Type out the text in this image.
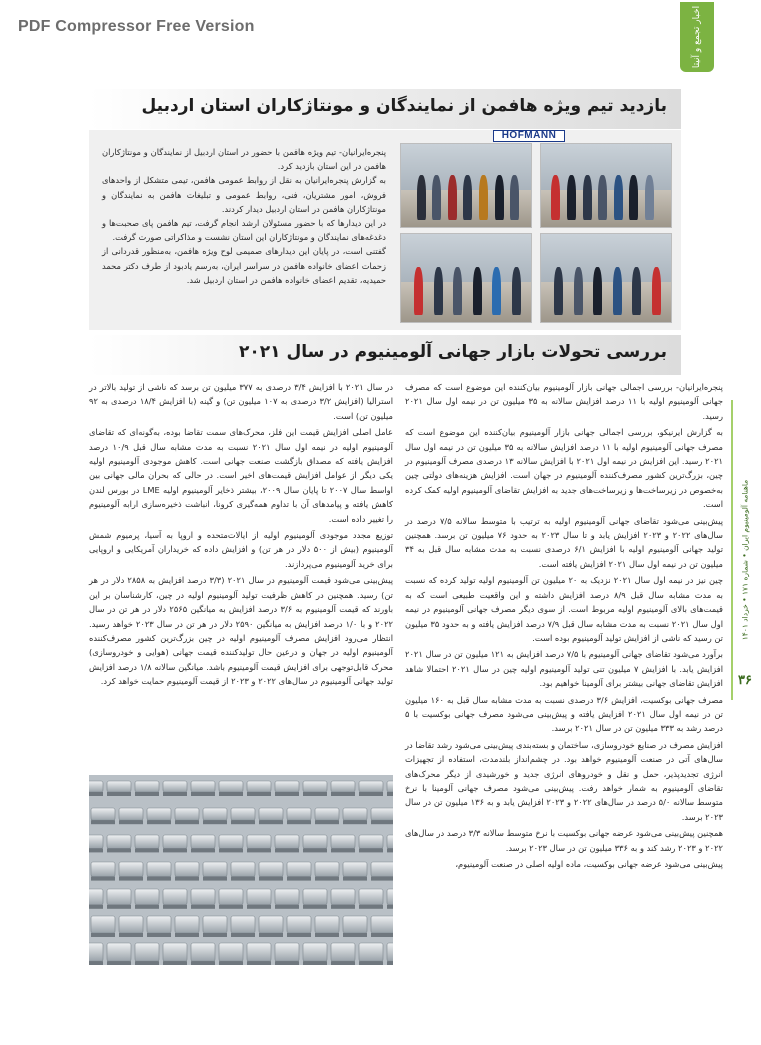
PDF Compressor Free Version	اخبار تجمع و آنیتا
ماهنامه آلومینیوم ایران • شماره ۱۷۱ • خرداد ۱۴۰۱
۳۶
بازدید تیم ویژه هافمن از نمایندگان و مونتاژکاران استان اردبیل

پنجره‌ایرانیان- تیم ویژه هافمن با حضور در استان اردبیل از نمایندگان و مونتاژکاران هافمن در این استان بازدید کرد.

به گزارش پنجره‌ایرانیان به نقل از روابط عمومی هافمن، تیمی متشکل از واحدهای فروش، امور مشتریان، فنی، روابط عمومی و تبلیغات هافمن به نمایندگان و مونتاژکاران هافمن در استان اردبیل دیدار کردند.

در این دیدارها که با حضور مسئولان ارشد انجام گرفت، تیم هافمن پای صحبت‌ها و دغدغه‌های نمایندگان و مونتاژکاران این استان نشست و مذاکراتی صورت گرفت.

گفتنی است، در پایان این دیدارهای صمیمی لوح ویژه هافمن، به‌منظور قدردانی از زحمات اعضای خانواده هافمن در سراسر ایران، به‌رسم یادبود از طرف دکتر محمد حمیدیه، تقدیم اعضای خانواده هافمن در استان اردبیل شد.

HOFMANN
بررسی تحولات بازار جهانی آلومینیوم در سال ۲۰۲۱

پنجره‌ایرانیان- بررسی اجمالی جهانی بازار آلومینیوم بیان‌کننده این موضوع است که مصرف جهانی آلومینیوم اولیه با ۱۱ درصد افزایش سالانه به ۳۵ میلیون تن در نیمه اول سال ۲۰۲۱ رسید.

به گزارش ایرنیکو، بررسی اجمالی جهانی بازار آلومینیوم بیان‌کننده این موضوع است که مصرف جهانی آلومینیوم اولیه با ۱۱ درصد افزایش سالانه به ۳۵ میلیون تن در نیمه اول سال ۲۰۲۱ رسید. این افزایش در نیمه اول ۲۰۲۱ با افزایش سالانه ۱۳ درصدی مصرف آلومینیوم در چین، بزرگ‌ترین کشور مصرف‌کننده آلومینیوم در جهان است. افزایش هزینه‌های دولتی چین به‌خصوص در زیرساخت‌ها و زیرساخت‌های جدید به افزایش تقاضای آلومینیوم اولیه کمک کرده است.

پیش‌بینی می‌شود تقاضای جهانی آلومینیوم اولیه به ترتیب با متوسط سالانه ۷/۵ درصد در سال‌های ۲۰۲۲ و ۲۰۲۳ افزایش یابد و تا سال ۲۰۲۳ به حدود ۷۶ میلیون تن برسد. همچنین تولید جهانی آلومینیوم اولیه با افزایش ۶/۱ درصدی نسبت به مدت مشابه سال قبل به ۳۴ میلیون تن در نیمه اول سال ۲۰۲۱ افزایش یافته است.

چین نیز در نیمه اول سال ۲۰۲۱ نزدیک به ۲۰ میلیون تن آلومینیوم اولیه تولید کرده که نسبت به مدت مشابه سال قبل ۸/۹ درصد افزایش داشته و این واقعیت طبیعی است که به قیمت‌های بالای آلومینیوم اولیه مربوط است. از سوی دیگر مصرف جهانی آلومینیوم در نیمه اول سال ۲۰۲۱ نسبت به مدت مشابه سال قبل ۷/۹ درصد افزایش یافته و به حدود ۳۵ میلیون تن رسید که ناشی از افزایش تولید آلومینیوم بوده است.

برآورد می‌شود تقاضای جهانی آلومینیوم با ۷/۵ درصد افزایش به ۱۲۱ میلیون تن در سال ۲۰۲۱ افزایش یابد. با افزایش ۷ میلیون تنی تولید آلومینیوم اولیه چین در سال ۲۰۲۱ احتمالا شاهد افزایش تقاضای جهانی بیشتر برای آلومینا خواهیم بود.

مصرف جهانی بوکسیت، افزایش ۳/۶ درصدی نسبت به مدت مشابه سال قبل به ۱۶۰ میلیون تن در نیمه اول سال ۲۰۲۱ افزایش یافته و پیش‌بینی می‌شود مصرف جهانی بوکسیت با ۵ درصد رشد به ۳۳۳ میلیون تن در سال ۲۰۲۱ برسد.

افزایش مصرف در صنایع خودروسازی، ساختمان و بسته‌بندی پیش‌بینی می‌شود رشد تقاضا در سال‌های آتی در صنعت آلومینیوم خواهد بود. در چشم‌انداز بلندمدت، استفاده از تجهیزات انرژی تجدیدپذیر، حمل و نقل و خودروهای انرژی جدید و خورشیدی از دیگر محرک‌های تقاضای آلومینیوم به شمار خواهد رفت. پیش‌بینی می‌شود مصرف جهانی آلومینا با نرخ متوسط سالانه ۵/۰ درصد در سال‌های ۲۰۲۲ و ۲۰۲۳ افزایش یابد و به ۱۳۶ میلیون تن در سال ۲۰۲۳ برسد.

همچنین پیش‌بینی می‌شود عرضه جهانی بوکسیت با نرخ متوسط سالانه ۳/۳ درصد در سال‌های ۲۰۲۲ و ۲۰۲۳ رشد کند و به ۳۳۶ میلیون تن در سال ۲۰۲۳ برسد.

پیش‌بینی می‌شود عرضه جهانی بوکسیت، ماده اولیه اصلی در صنعت آلومینیوم،

در سال ۲۰۲۱ با افزایش ۳/۴ درصدی به ۳۷۷ میلیون تن برسد که ناشی از تولید بالاتر در استرالیا (افزایش ۳/۲ درصدی به ۱۰۷ میلیون تن) و گینه (با افزایش ۱۸/۴ درصدی به ۹۲ میلیون تن) است.

عامل اصلی افزایش قیمت این فلز، محرک‌های سمت تقاضا بوده، به‌گونه‌ای که تقاضای آلومینیوم اولیه در نیمه اول سال ۲۰۲۱ نسبت به مدت مشابه سال قبل ۱۰/۹ درصد افزایش یافته که مصداق بازگشت صنعت جهانی است. کاهش موجودی آلومینیوم اولیه یکی دیگر از عوامل افزایش قیمت‌های اخیر است. در حالی که بحران مالی جهانی بین اواسط سال ۲۰۰۷ تا پایان سال ۲۰۰۹، بیشتر ذخایر آلومینیوم اولیه LME در بورس لندن کاهش یافته و پیامدهای آن با تداوم همه‌گیری کرونا، انباشت ذخیره‌سازی ارابه آلومینیوم را تغییر داده است.

توزیع مجدد موجودی آلومینیوم اولیه از ایالات‌متحده و اروپا به آسیا، پرمیوم شمش آلومینیوم (بیش از ۵۰۰ دلار در هر تن) و افزایش داده که خریداران آمریکایی و اروپایی برای خرید آلومینیوم می‌پردازند.

پیش‌بینی می‌شود قیمت آلومینیوم در سال ۲۰۲۱ (۳/۳ درصد افزایش به ۲۸۵۸ دلار در هر تن) رسید. همچنین در کاهش ظرفیت تولید آلومینیوم اولیه در چین، کارشناسان بر این باورند که قیمت آلومینیوم به ۳/۶ درصد افزایش به میانگین ۲۵۶۵ دلار در هر تن در سال ۲۰۲۲ و با ۱/۰ درصد افزایش به میانگین ۲۵۹۰ دلار در هر تن در سال ۲۰۲۳ خواهد رسید. انتظار می‌رود افزایش مصرف آلومینیوم اولیه در چین بزرگ‌ترین کشور مصرف‌کننده آلومینیوم اولیه در جهان و درعین حال تولیدکننده قیمت جهانی (هوایی و خودروسازی) محرک قابل‌توجهی برای افزایش قیمت آلومینیوم باشد. میانگین سالانه ۱/۸ درصد افزایش تولید جهانی آلومینیوم در سال‌های ۲۰۲۲ و ۲۰۲۳ از قیمت آلومینیوم حمایت خواهد کرد.
